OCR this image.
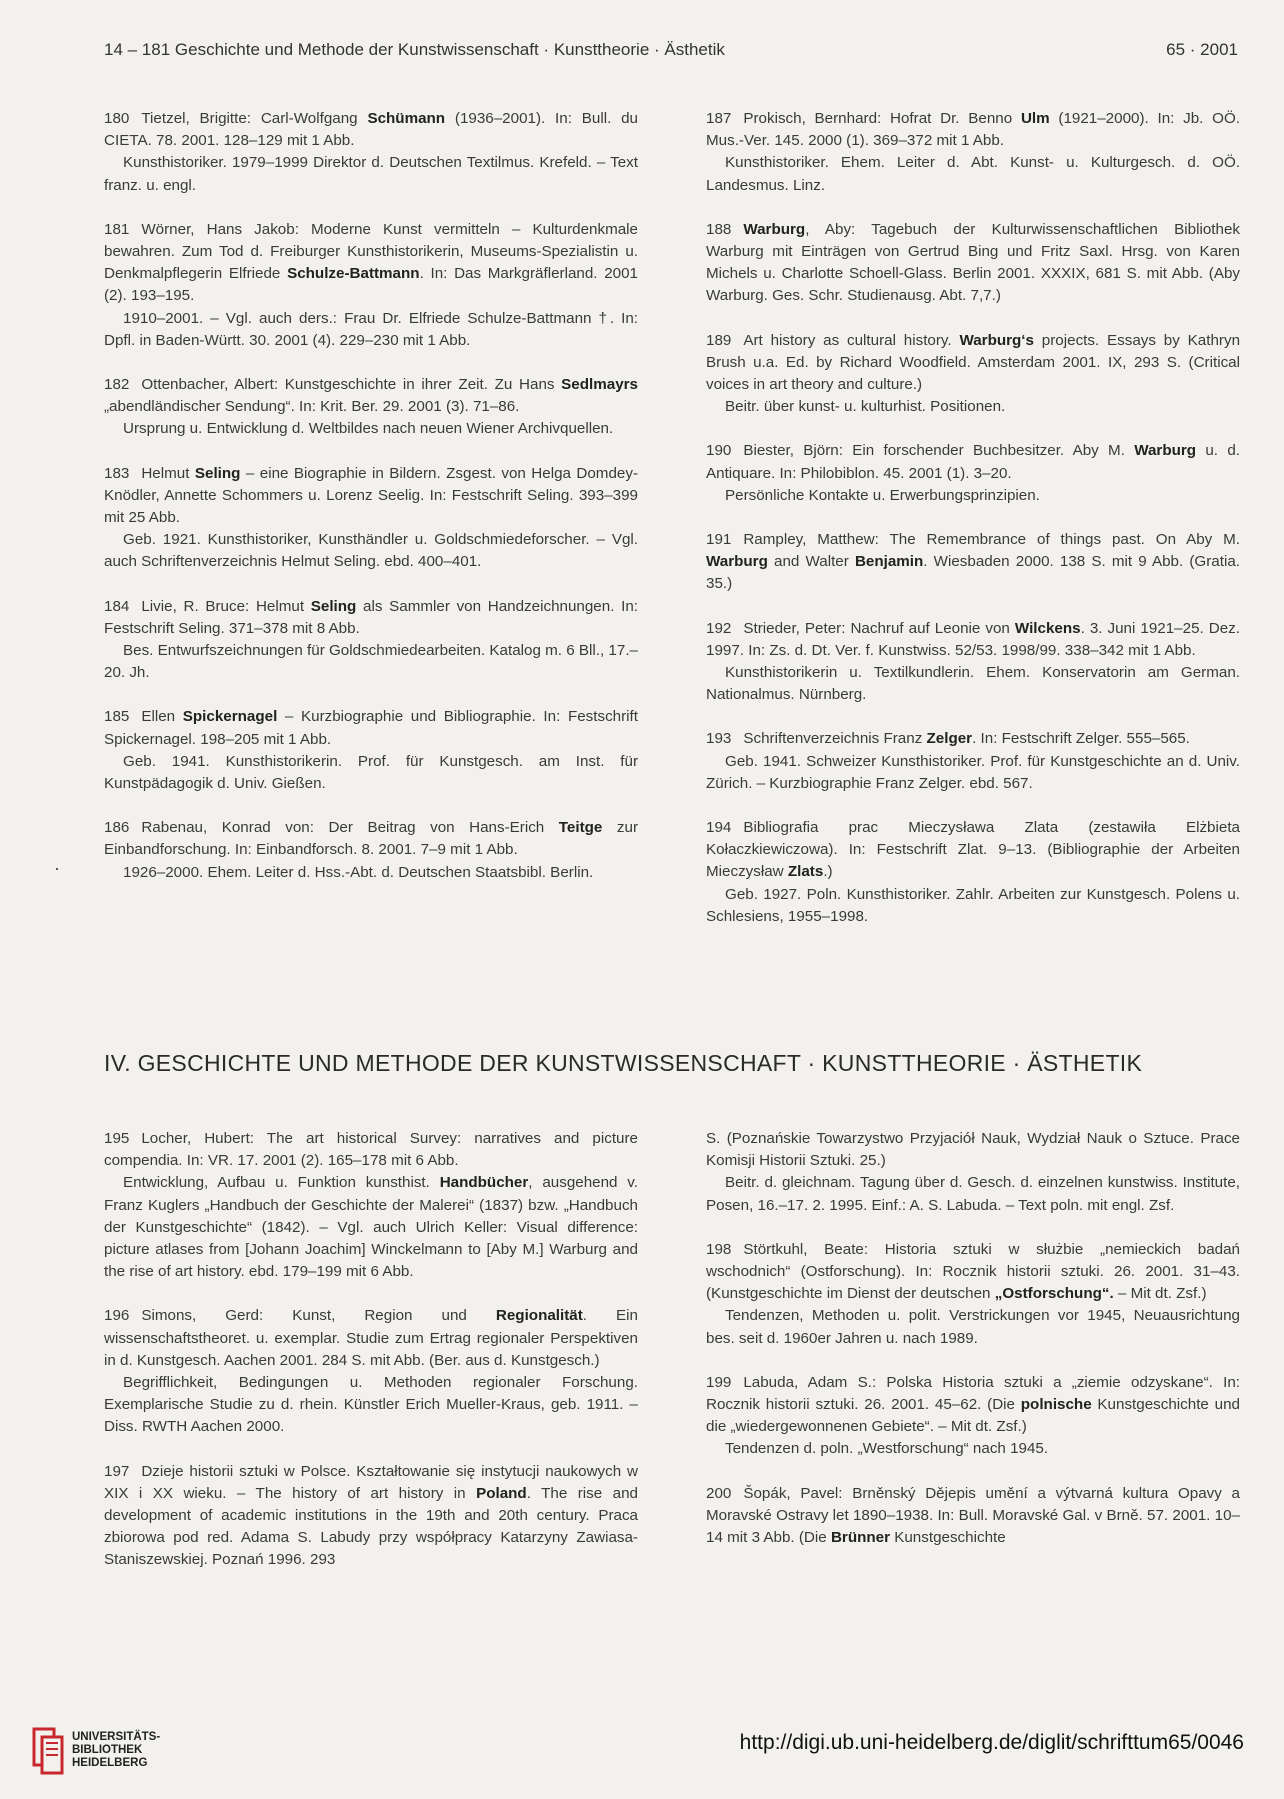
14 – 181 Geschichte und Methode der Kunstwissenschaft · Kunsttheorie · Ästhetik	65 · 2001

180 Tietzel, Brigitte: Carl-Wolfgang Schümann (1936–2001). In: Bull. du CIETA. 78. 2001. 128–129 mit 1 Abb.

Kunsthistoriker. 1979–1999 Direktor d. Deutschen Textilmus. Krefeld. – Text franz. u. engl.

181 Wörner, Hans Jakob: Moderne Kunst vermitteln – Kulturdenkmale bewahren. Zum Tod d. Freiburger Kunsthistorikerin, Museums-Spezialistin u. Denkmalpflegerin Elfriede Schulze-Battmann. In: Das Markgräflerland. 2001 (2). 193–195.

1910–2001. – Vgl. auch ders.: Frau Dr. Elfriede Schulze-Battmann †. In: Dpfl. in Baden-Württ. 30. 2001 (4). 229–230 mit 1 Abb.

182 Ottenbacher, Albert: Kunstgeschichte in ihrer Zeit. Zu Hans Sedlmayrs „abendländischer Sendung“. In: Krit. Ber. 29. 2001 (3). 71–86.

Ursprung u. Entwicklung d. Weltbildes nach neuen Wiener Archivquellen.

183 Helmut Seling – eine Biographie in Bildern. Zsgest. von Helga Domdey-Knödler, Annette Schommers u. Lorenz Seelig. In: Festschrift Seling. 393–399 mit 25 Abb.

Geb. 1921. Kunsthistoriker, Kunsthändler u. Goldschmiedeforscher. – Vgl. auch Schriftenverzeichnis Helmut Seling. ebd. 400–401.

184 Livie, R. Bruce: Helmut Seling als Sammler von Handzeichnungen. In: Festschrift Seling. 371–378 mit 8 Abb.

Bes. Entwurfszeichnungen für Goldschmiedearbeiten. Katalog m. 6 Bll., 17.–20. Jh.

185 Ellen Spickernagel – Kurzbiographie und Bibliographie. In: Festschrift Spickernagel. 198–205 mit 1 Abb.

Geb. 1941. Kunsthistorikerin. Prof. für Kunstgesch. am Inst. für Kunstpädagogik d. Univ. Gießen.

186 Rabenau, Konrad von: Der Beitrag von Hans-Erich Teitge zur Einbandforschung. In: Einbandforsch. 8. 2001. 7–9 mit 1 Abb.

1926–2000. Ehem. Leiter d. Hss.-Abt. d. Deutschen Staatsbibl. Berlin.

187 Prokisch, Bernhard: Hofrat Dr. Benno Ulm (1921–2000). In: Jb. OÖ. Mus.-Ver. 145. 2000 (1). 369–372 mit 1 Abb.

Kunsthistoriker. Ehem. Leiter d. Abt. Kunst- u. Kulturgesch. d. OÖ. Landesmus. Linz.

188 Warburg, Aby: Tagebuch der Kulturwissenschaftlichen Bibliothek Warburg mit Einträgen von Gertrud Bing und Fritz Saxl. Hrsg. von Karen Michels u. Charlotte Schoell-Glass. Berlin 2001. XXXIX, 681 S. mit Abb. (Aby Warburg. Ges. Schr. Studienausg. Abt. 7,7.)

189 Art history as cultural history. Warburg‘s projects. Essays by Kathryn Brush u.a. Ed. by Richard Woodfield. Amsterdam 2001. IX, 293 S. (Critical voices in art theory and culture.)

Beitr. über kunst- u. kulturhist. Positionen.

190 Biester, Björn: Ein forschender Buchbesitzer. Aby M. Warburg u. d. Antiquare. In: Philobiblon. 45. 2001 (1). 3–20.

Persönliche Kontakte u. Erwerbungsprinzipien.

191 Rampley, Matthew: The Remembrance of things past. On Aby M. Warburg and Walter Benjamin. Wiesbaden 2000. 138 S. mit 9 Abb. (Gratia. 35.)

192 Strieder, Peter: Nachruf auf Leonie von Wilckens. 3. Juni 1921–25. Dez. 1997. In: Zs. d. Dt. Ver. f. Kunstwiss. 52/53. 1998/99. 338–342 mit 1 Abb.

Kunsthistorikerin u. Textilkundlerin. Ehem. Konservatorin am German. Nationalmus. Nürnberg.

193 Schriftenverzeichnis Franz Zelger. In: Festschrift Zelger. 555–565.

Geb. 1941. Schweizer Kunsthistoriker. Prof. für Kunstgeschichte an d. Univ. Zürich. – Kurzbiographie Franz Zelger. ebd. 567.

194 Bibliografia prac Mieczysława Zlata (zestawiła Elżbieta Kołaczkiewiczowa). In: Festschrift Zlat. 9–13. (Bibliographie der Arbeiten Mieczysław Zlats.)

Geb. 1927. Poln. Kunsthistoriker. Zahlr. Arbeiten zur Kunstgesch. Polens u. Schlesiens, 1955–1998.

IV. GESCHICHTE UND METHODE DER KUNSTWISSENSCHAFT · KUNSTTHEORIE · ÄSTHETIK

195 Locher, Hubert: The art historical Survey: narratives and picture compendia. In: VR. 17. 2001 (2). 165–178 mit 6 Abb.

Entwicklung, Aufbau u. Funktion kunsthist. Handbücher, ausgehend v. Franz Kuglers „Handbuch der Geschichte der Malerei“ (1837) bzw. „Handbuch der Kunstgeschichte“ (1842). – Vgl. auch Ulrich Keller: Visual difference: picture atlases from [Johann Joachim] Winckelmann to [Aby M.] Warburg and the rise of art history. ebd. 179–199 mit 6 Abb.

196 Simons, Gerd: Kunst, Region und Regionalität. Ein wissenschaftstheoret. u. exemplar. Studie zum Ertrag regionaler Perspektiven in d. Kunstgesch. Aachen 2001. 284 S. mit Abb. (Ber. aus d. Kunstgesch.)

Begrifflichkeit, Bedingungen u. Methoden regionaler Forschung. Exemplarische Studie zu d. rhein. Künstler Erich Mueller-Kraus, geb. 1911. – Diss. RWTH Aachen 2000.

197 Dzieje historii sztuki w Polsce. Kształtowanie się instytucji naukowych w XIX i XX wieku. – The history of art history in Poland. The rise and development of academic institutions in the 19th and 20th century. Praca zbiorowa pod red. Adama S. Labudy przy współpracy Katarzyny Zawiasa-Staniszewskiej. Poznań 1996. 293

S. (Poznańskie Towarzystwo Przyjaciół Nauk, Wydział Nauk o Sztuce. Prace Komisji Historii Sztuki. 25.)

Beitr. d. gleichnam. Tagung über d. Gesch. d. einzelnen kunstwiss. Institute, Posen, 16.–17. 2. 1995. Einf.: A. S. Labuda. – Text poln. mit engl. Zsf.

198 Störtkuhl, Beate: Historia sztuki w służbie „nemieckich badań wschodnich“ (Ostforschung). In: Rocznik historii sztuki. 26. 2001. 31–43. (Kunstgeschichte im Dienst der deutschen „Ostforschung“. – Mit dt. Zsf.)

Tendenzen, Methoden u. polit. Verstrickungen vor 1945, Neuausrichtung bes. seit d. 1960er Jahren u. nach 1989.

199 Labuda, Adam S.: Polska Historia sztuki a „ziemie odzyskane“. In: Rocznik historii sztuki. 26. 2001. 45–62. (Die polnische Kunstgeschichte und die „wiedergewonnenen Gebiete“. – Mit dt. Zsf.)

Tendenzen d. poln. „Westforschung“ nach 1945.

200 Šopák, Pavel: Brněnský Dějepis umění a výtvarná kultura Opavy a Moravské Ostravy let 1890–1938. In: Bull. Moravské Gal. v Brně. 57. 2001. 10–14 mit 3 Abb. (Die Brünner Kunstgeschichte

UNIVERSITÄTS-
BIBLIOTHEK
HEIDELBERG
http://digi.ub.uni-heidelberg.de/diglit/schrifttum65/0046
